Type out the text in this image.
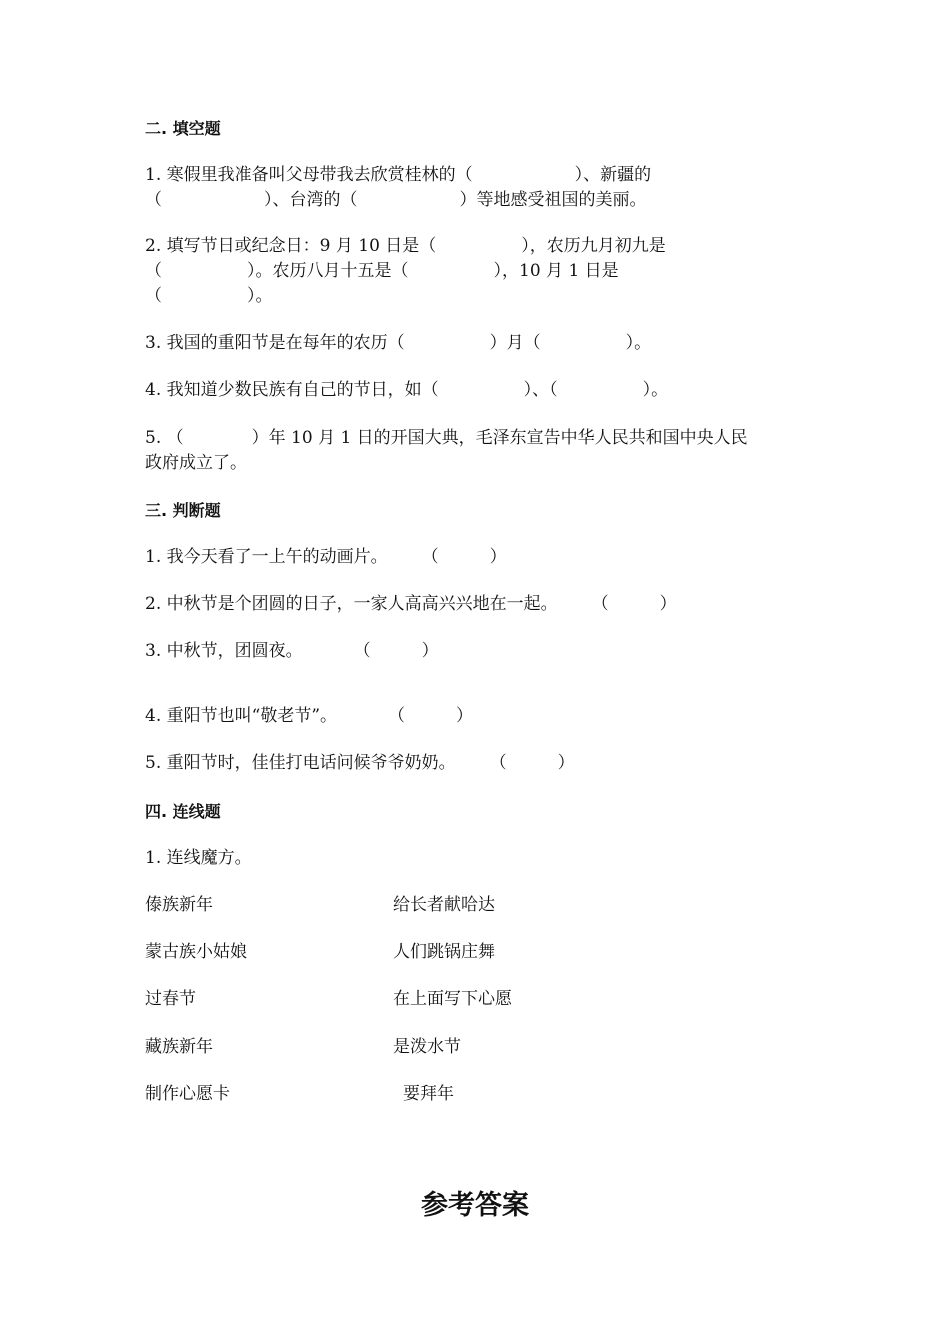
二. 填空题
1. 寒假里我准备叫父母带我去欣赏桂林的（　　　　　　）、新疆的
（　　　　　　）、台湾的（　　　　　　）等地感受祖国的美丽。
2. 填写节日或纪念日：9 月 10 日是（　　　　　），农历九月初九是
（　　　　　）。农历八月十五是（　　　　　），10 月 1 日是
（　　　　　）。
3. 我国的重阳节是在每年的农历（　　　　　）月（　　　　　）。
4. 我知道少数民族有自己的节日，如（　　　　　）、（　　　　　）。
5. （　　　　）年 10 月 1 日的开国大典，毛泽东宣告中华人民共和国中央人民
政府成立了。
三. 判断题
1. 我今天看了一上午的动画片。　　　（　　　）
2. 中秋节是个团圆的日子，一家人高高兴兴地在一起。　　　（　　　）
3. 中秋节，团圆夜。　　　　（　　　）
4. 重阳节也叫“敬老节”。　　　　（　　　）
5. 重阳节时，佳佳打电话问候爷爷奶奶。　　　（　　　）
四. 连线题
1. 连线魔方。
傣族新年	给长者献哈达
蒙古族小姑娘	人们跳锅庄舞
过春节	在上面写下心愿
藏族新年	是泼水节
制作心愿卡	要拜年
参考答案
